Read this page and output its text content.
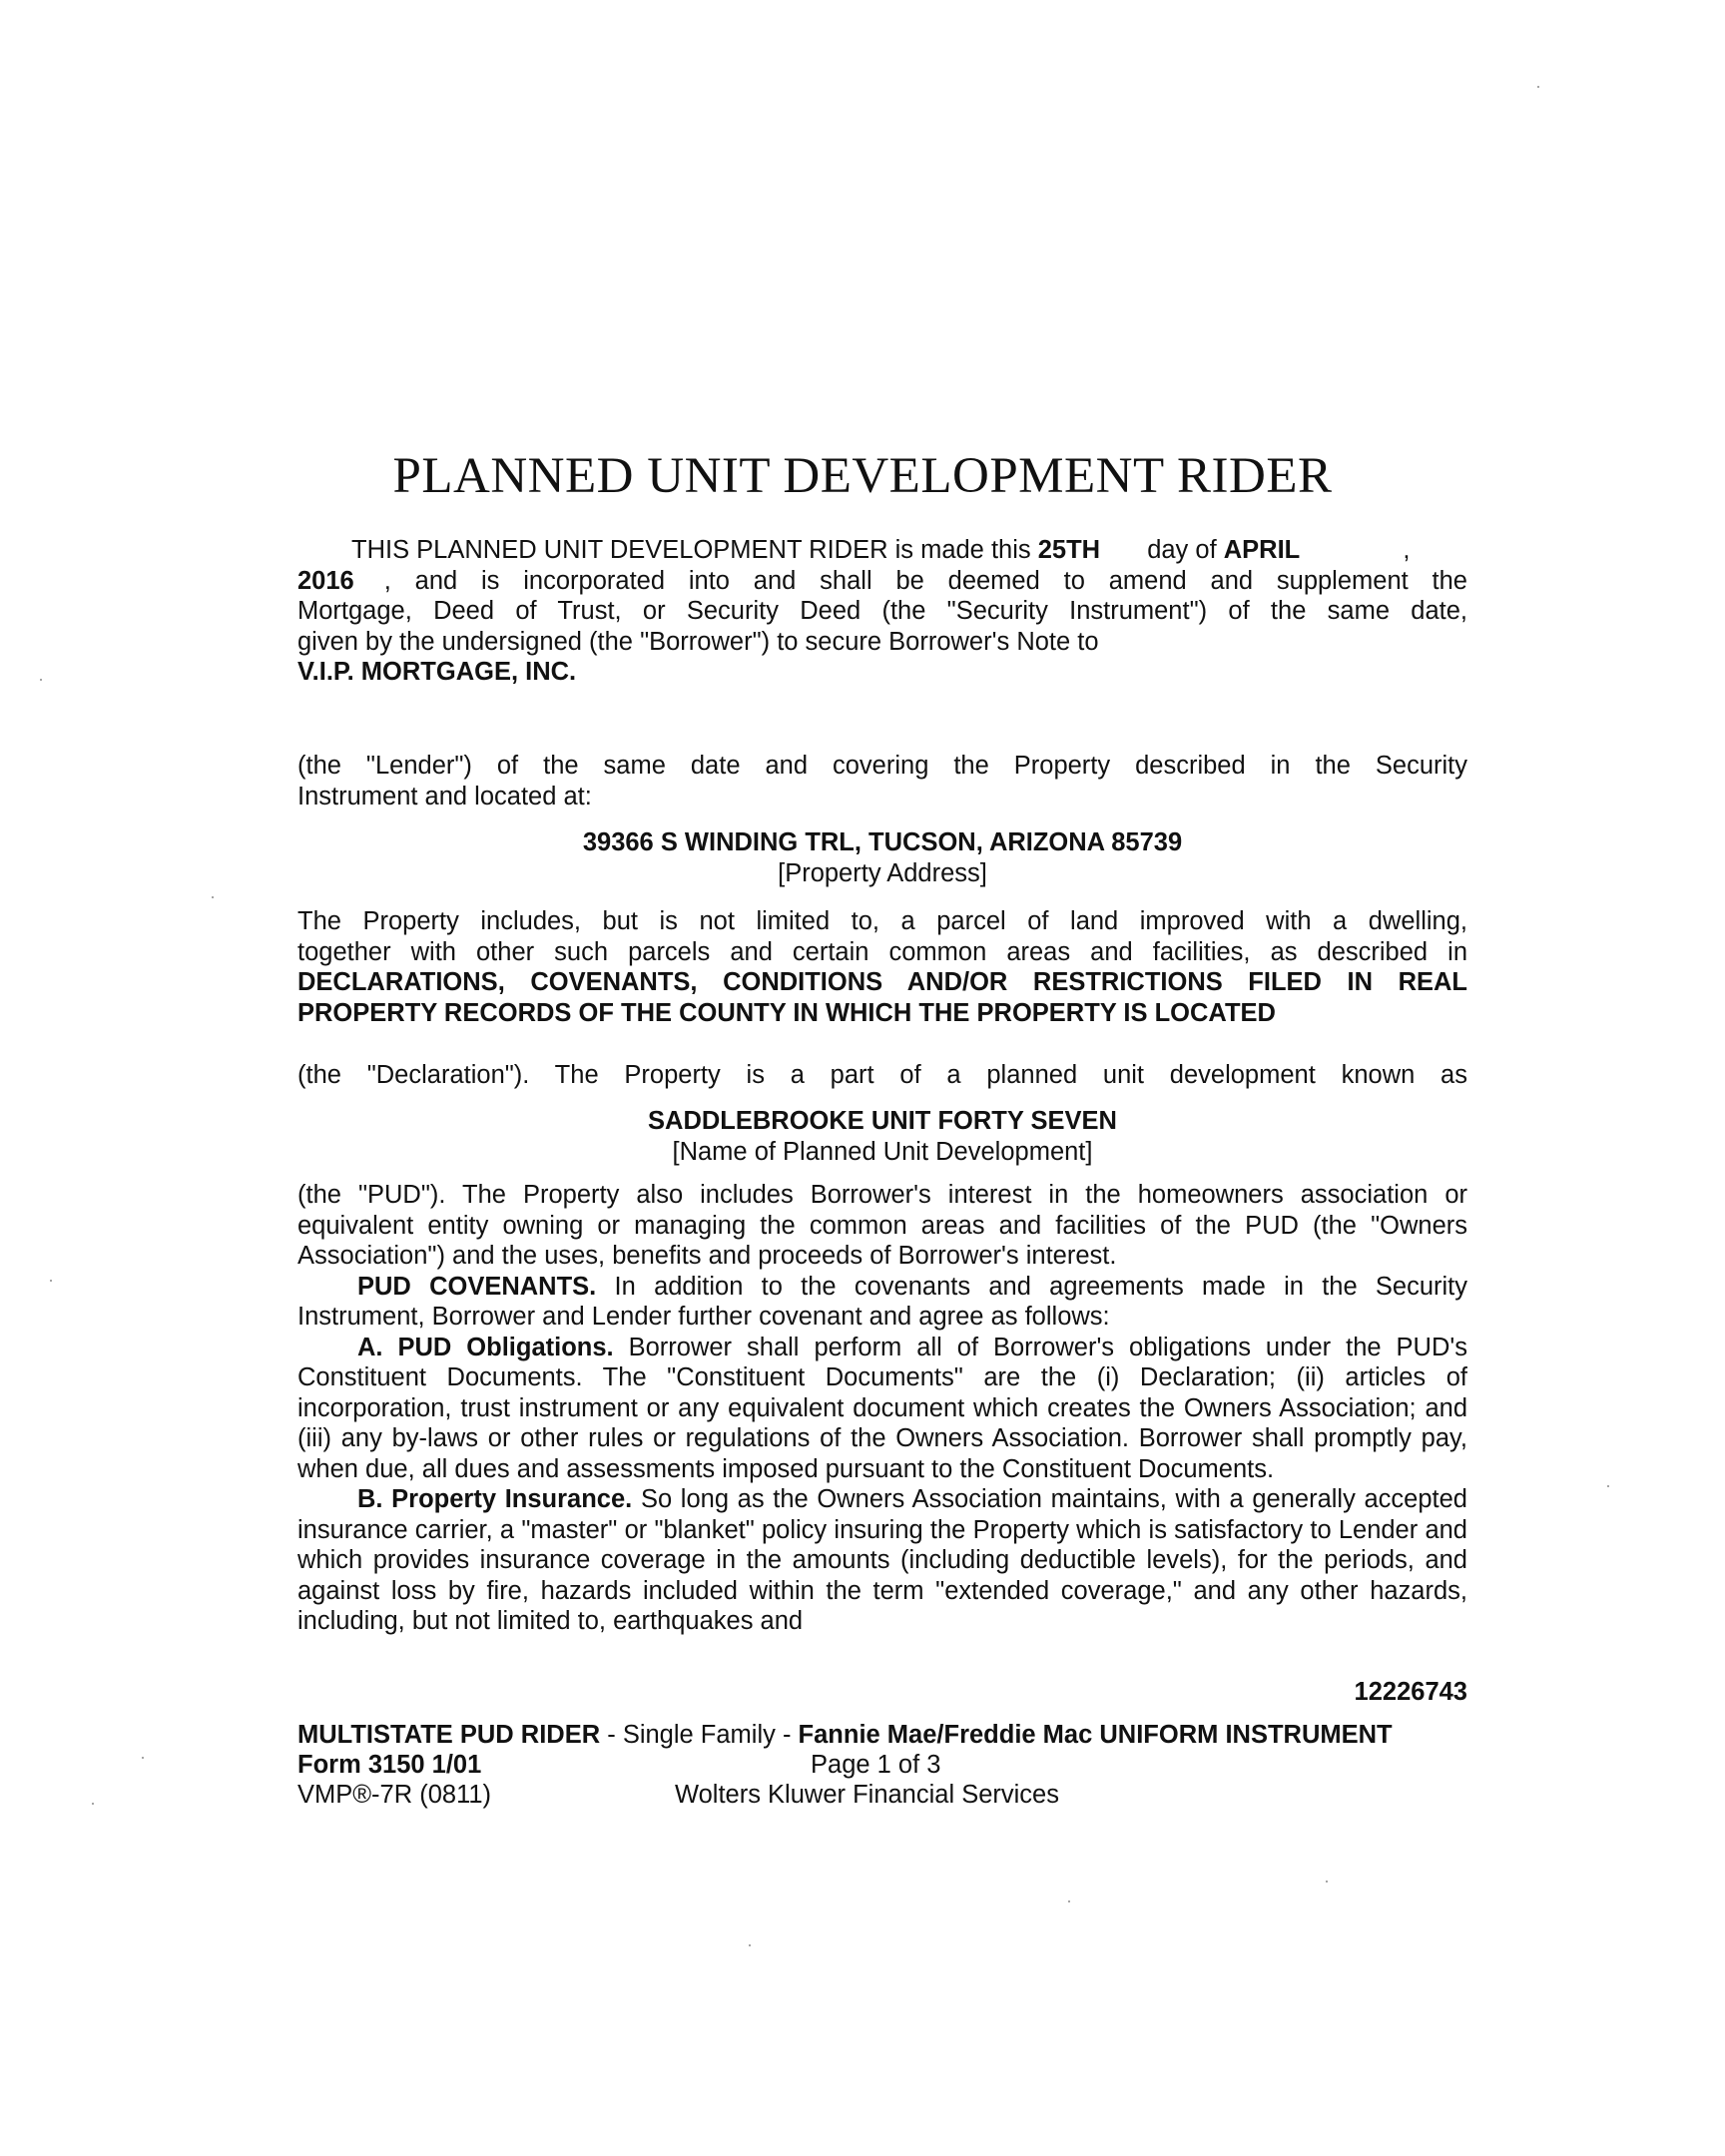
PLANNED UNIT DEVELOPMENT RIDER

THIS PLANNED UNIT DEVELOPMENT RIDER is made this 25TH day of APRIL	,

2016 , and is incorporated into and shall be deemed to amend and supplement the

Mortgage, Deed of Trust, or Security Deed (the "Security Instrument") of the same date,

given by the undersigned (the "Borrower") to secure Borrower's Note to

V.I.P. MORTGAGE, INC.

(the "Lender") of the same date and covering the Property described in the Security

Instrument and located at:

39366 S WINDING TRL, TUCSON, ARIZONA 85739

[Property Address]

The Property includes, but is not limited to, a parcel of land improved with a dwelling,

together with other such parcels and certain common areas and facilities, as described in

DECLARATIONS, COVENANTS, CONDITIONS AND/OR RESTRICTIONS FILED IN REAL

PROPERTY RECORDS OF THE COUNTY IN WHICH THE PROPERTY IS LOCATED

(the "Declaration"). The Property is a part of a planned unit development known as

SADDLEBROOKE UNIT FORTY SEVEN

[Name of Planned Unit Development]

(the "PUD"). The Property also includes Borrower's interest in the homeowners association or equivalent entity owning or managing the common areas and facilities of the PUD (the "Owners Association") and the uses, benefits and proceeds of Borrower's interest.

PUD COVENANTS. In addition to the covenants and agreements made in the Security Instrument, Borrower and Lender further covenant and agree as follows:

A. PUD Obligations. Borrower shall perform all of Borrower's obligations under the PUD's Constituent Documents. The "Constituent Documents" are the (i) Declaration; (ii) articles of incorporation, trust instrument or any equivalent document which creates the Owners Association; and (iii) any by-laws or other rules or regulations of the Owners Association. Borrower shall promptly pay, when due, all dues and assessments imposed pursuant to the Constituent Documents.

B. Property Insurance. So long as the Owners Association maintains, with a generally accepted insurance carrier, a "master" or "blanket" policy insuring the Property which is satisfactory to Lender and which provides insurance coverage in the amounts (including deductible levels), for the periods, and against loss by fire, hazards included within the term "extended coverage," and any other hazards, including, but not limited to, earthquakes and

12226743

MULTISTATE PUD RIDER - Single Family - Fannie Mae/Freddie Mac UNIFORM INSTRUMENT

Form 3150 1/01	Page 1 of 3
VMP®-7R (0811)	Wolters Kluwer Financial Services
